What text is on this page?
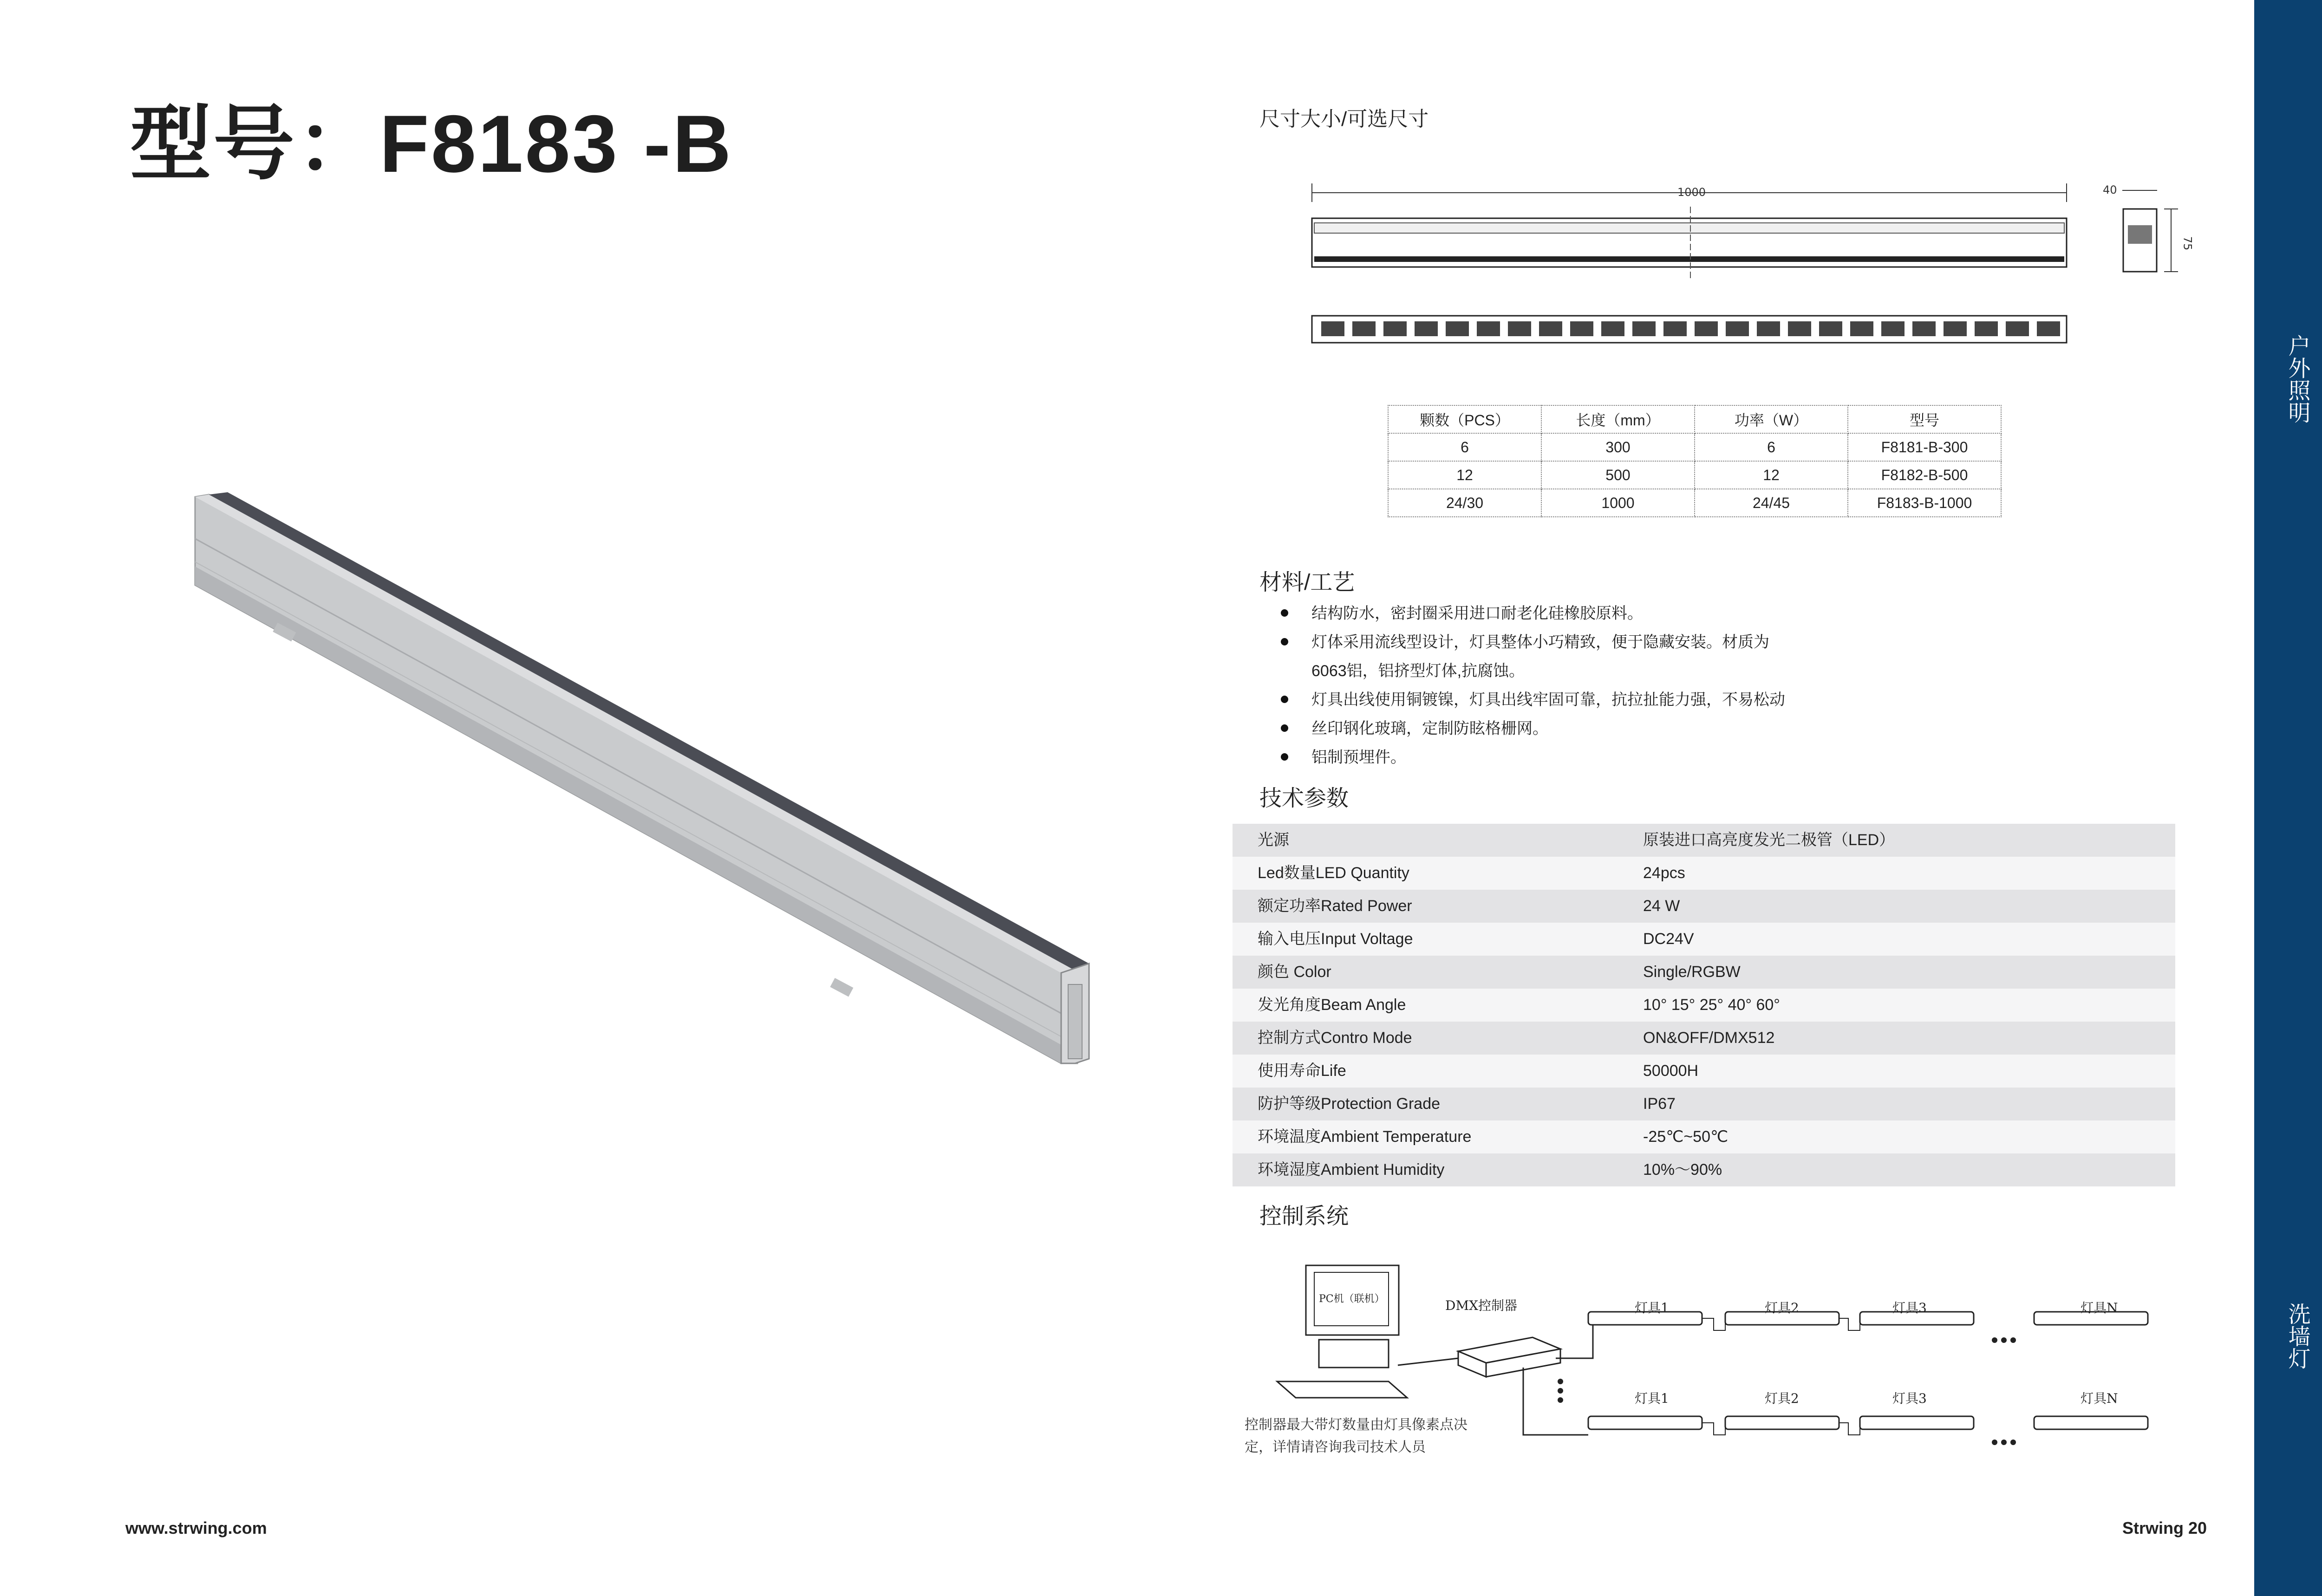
型号：F8183 -B
户外照明
洗墙灯
尺寸大小/可选尺寸
1000	40
75
颗数（PCS）	长度（mm）	功率（W）	型号
6	300	6	F8181-B-300
12	500	12	F8182-B-500
24/30	1000	24/45	F8183-B-1000
材料/工艺
结构防水，密封圈采用进口耐老化硅橡胶原料。
灯体采用流线型设计，灯具整体小巧精致，便于隐藏安装。材质为
6063铝，铝挤型灯体,抗腐蚀。
灯具出线使用铜镀镍，灯具出线牢固可靠，抗拉扯能力强，不易松动
丝印钢化玻璃，定制防眩格栅网。
铝制预埋件。
技术参数
光源	原装进口高亮度发光二极管（LED）
Led数量LED Quantity	24pcs
额定功率Rated Power	24 W
输入电压Input Voltage	DC24V
颜色 Color	Single/RGBW
发光角度Beam Angle	10° 15° 25° 40° 60°
控制方式Contro Mode	ON&OFF/DMX512
使用寿命Life	50000H
防护等级Protection Grade	IP67
环境温度Ambient Temperature	-25℃~50℃
环境湿度Ambient Humidity	10%～90%
控制系统
PC机（联机）	DMX控制器	灯具1	灯具2	灯具3	灯具N
灯具1	灯具2	灯具3	灯具N
控制器最大带灯数量由灯具像素点决
定，详情请咨询我司技术人员
www.strwing.com	Strwing 20
